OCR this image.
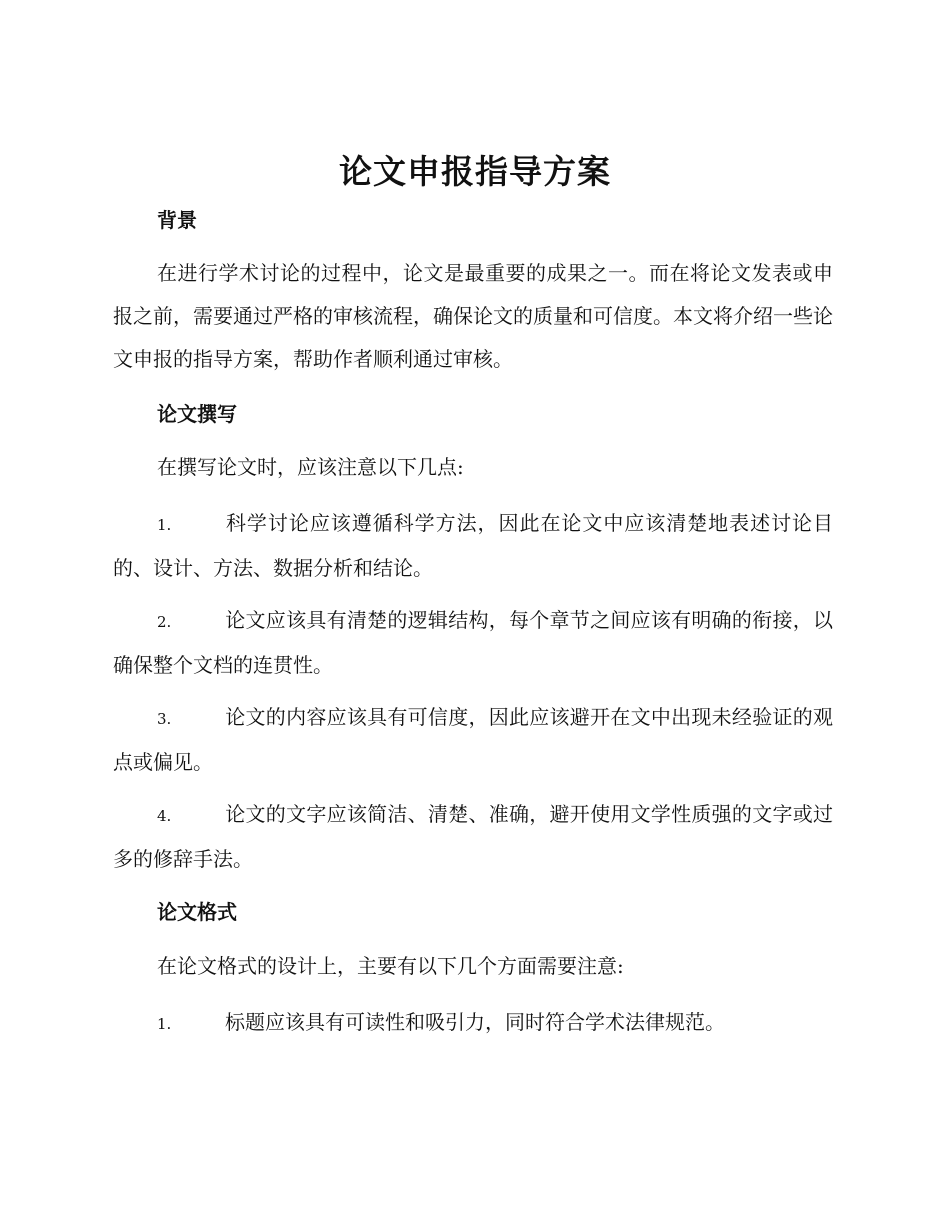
论文申报指导方案
背景

在进行学术讨论的过程中，论文是最重要的成果之一。而在将论文发表或申报之前，需要通过严格的审核流程，确保论文的质量和可信度。本文将介绍一些论文申报的指导方案，帮助作者顺利通过审核。

论文撰写

在撰写论文时，应该注意以下几点:

1.	科学讨论应该遵循科学方法，因此在论文中应该清楚地表述讨论目的、设计、方法、数据分析和结论。
2.	论文应该具有清楚的逻辑结构，每个章节之间应该有明确的衔接，以确保整个文档的连贯性。
3.	论文的内容应该具有可信度，因此应该避开在文中出现未经验证的观点或偏见。
4.	论文的文字应该简洁、清楚、准确，避开使用文学性质强的文字或过多的修辞手法。
论文格式

在论文格式的设计上，主要有以下几个方面需要注意:

1.	标题应该具有可读性和吸引力，同时符合学术法律规范。
